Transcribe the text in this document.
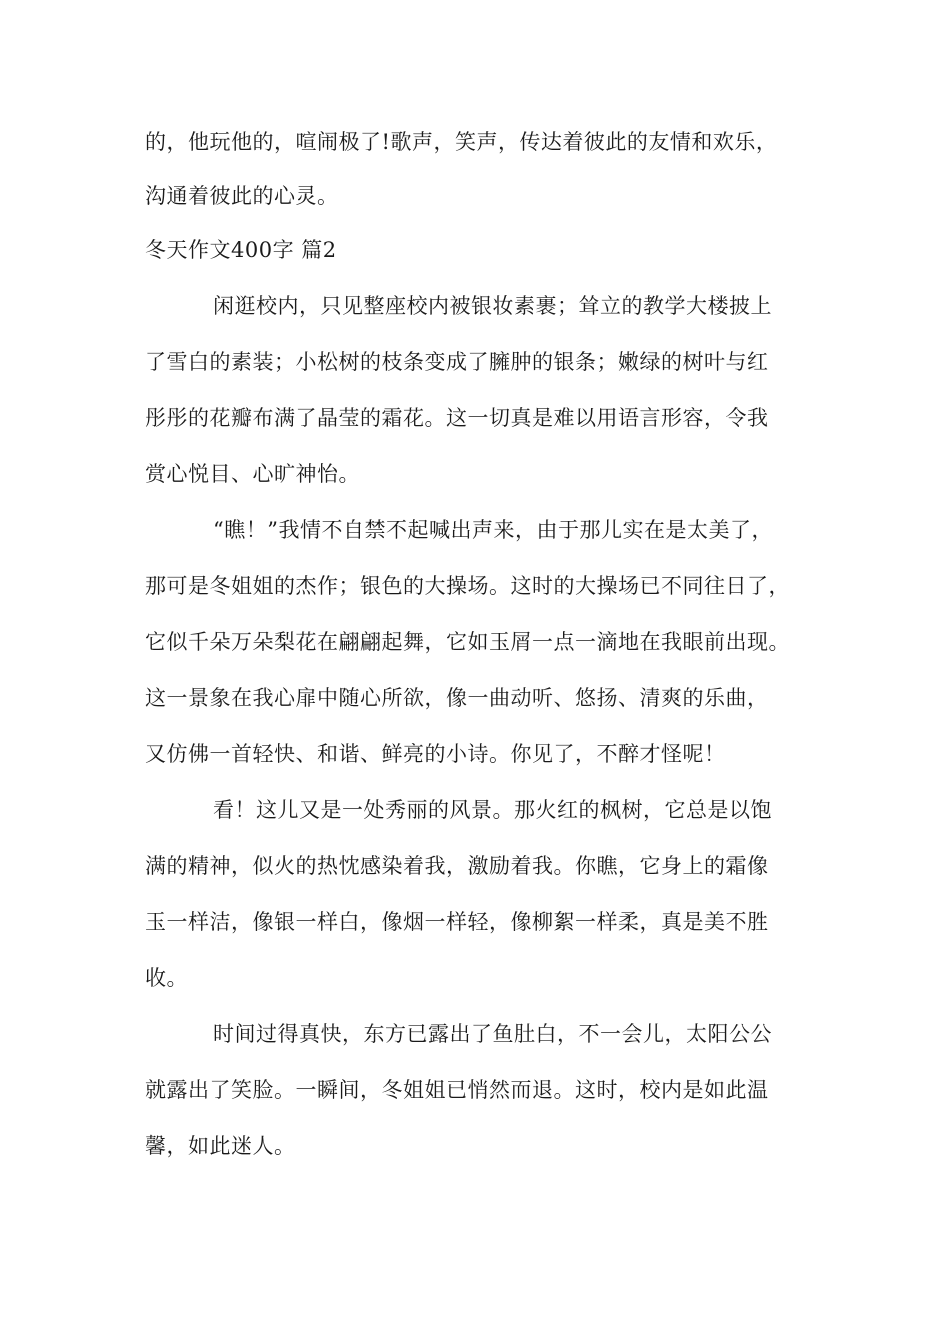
的，他玩他的，喧闹极了!歌声，笑声，传达着彼此的友情和欢乐，

沟通着彼此的心灵。

冬天作文400字 篇2

闲逛校内，只见整座校内被银妆素裹；耸立的教学大楼披上

了雪白的素装；小松树的枝条变成了臃肿的银条；嫩绿的树叶与红

彤彤的花瓣布满了晶莹的霜花。这一切真是难以用语言形容，令我

赏心悦目、心旷神怡。

“瞧！”我情不自禁不起喊出声来，由于那儿实在是太美了，

那可是冬姐姐的杰作；银色的大操场。这时的大操场已不同往日了，

它似千朵万朵梨花在翩翩起舞，它如玉屑一点一滴地在我眼前出现。

这一景象在我心扉中随心所欲，像一曲动听、悠扬、清爽的乐曲，

又仿佛一首轻快、和谐、鲜亮的小诗。你见了，不醉才怪呢！

看！这儿又是一处秀丽的风景。那火红的枫树，它总是以饱

满的精神，似火的热忱感染着我，激励着我。你瞧，它身上的霜像

玉一样洁，像银一样白，像烟一样轻，像柳絮一样柔，真是美不胜

收。

时间过得真快，东方已露出了鱼肚白，不一会儿，太阳公公

就露出了笑脸。一瞬间，冬姐姐已悄然而退。这时，校内是如此温

馨，如此迷人。
